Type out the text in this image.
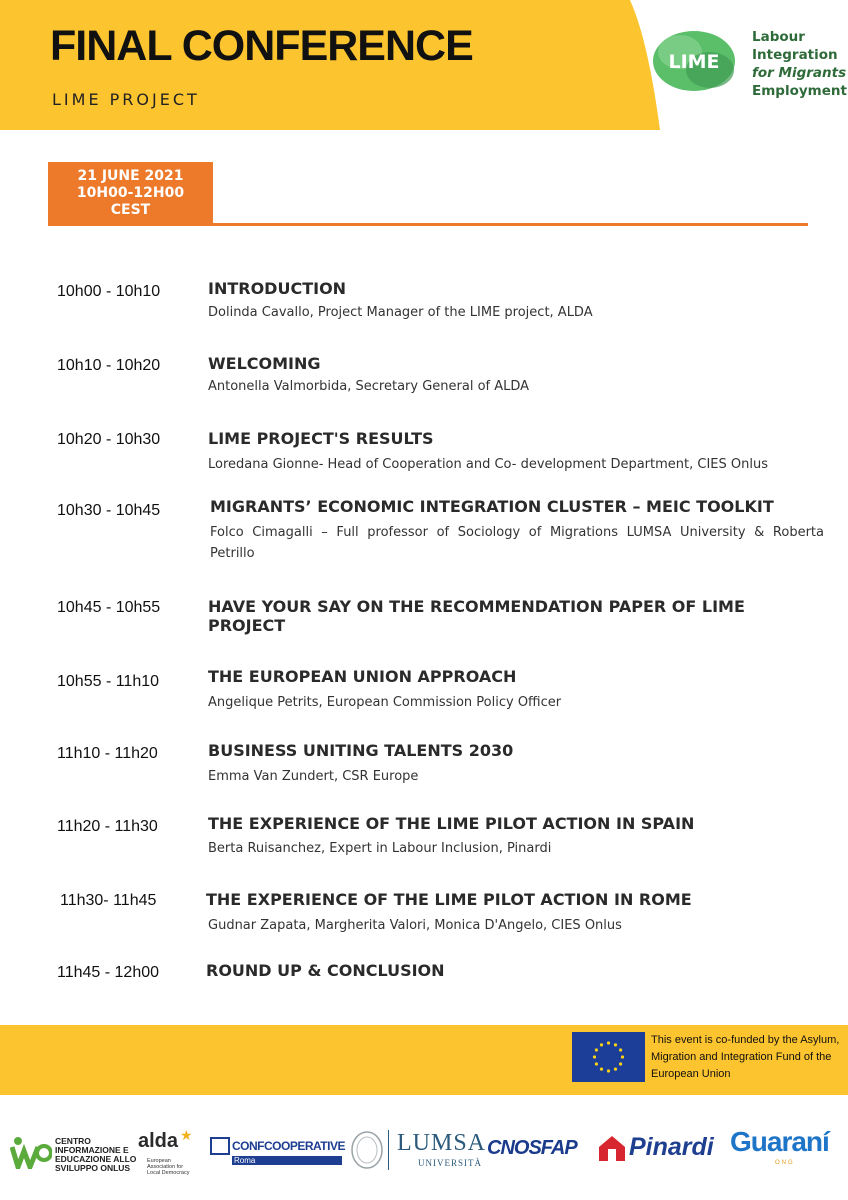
FINAL CONFERENCE
LIME PROJECT
LIME
Labour
Integration
for Migrants
Employment
21 JUNE 2021
10H00-12H00
CEST
10h00 - 10h10	INTRODUCTION
Dolinda Cavallo, Project Manager of the LIME project, ALDA
10h10 - 10h20	WELCOMING
Antonella Valmorbida, Secretary General of ALDA
10h20 - 10h30	LIME PROJECT'S RESULTS
Loredana Gionne- Head of Cooperation and Co- development Department, CIES Onlus
10h30 - 10h45	MIGRANTS’ ECONOMIC INTEGRATION CLUSTER – MEIC TOOLKIT
Folco Cimagalli – Full professor of Sociology of Migrations LUMSA University & Roberta
Petrillo
10h45 - 10h55	HAVE YOUR SAY ON THE RECOMMENDATION PAPER OF LIME
PROJECT
10h55 - 11h10	THE EUROPEAN UNION APPROACH
Angelique Petrits, European Commission Policy Officer
11h10 - 11h20	BUSINESS UNITING TALENTS 2030
Emma Van Zundert, CSR Europe
11h20 - 11h30	THE EXPERIENCE OF THE LIME PILOT ACTION IN SPAIN
Berta Ruisanchez, Expert in Labour Inclusion, Pinardi
11h30- 11h45	THE EXPERIENCE OF THE LIME PILOT ACTION IN ROME
Gudnar Zapata, Margherita Valori, Monica D'Angelo, CIES Onlus
11h45 - 12h00	ROUND UP & CONCLUSION
This event is co-funded by the Asylum, Migration and Integration Fund of the European Union
CENTRO
INFORMAZIONE E
EDUCAZIONE ALLO
SVILUPPO ONLUS
alda ★
European Association for Local Democracy
CONFCOOPERATIVE
Roma
LUMSA
UNIVERSITÀ
CNOSFAP Pinardi Guaraní
ONG
